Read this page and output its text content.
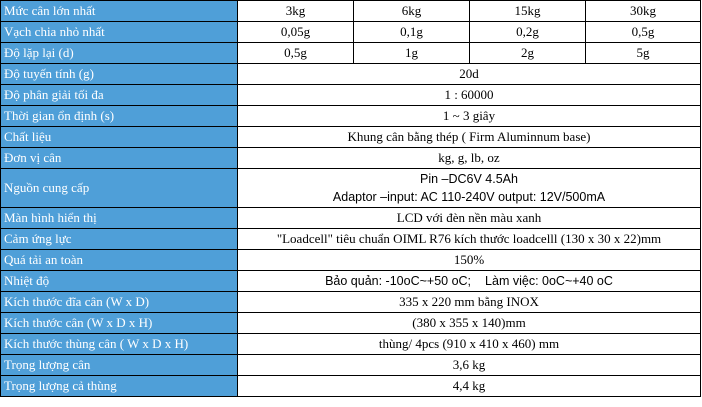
Mức cân lớn nhất	3kg	6kg	15kg	30kg
Vạch chia nhỏ nhất	0,05g	0,1g	0,2g	0,5g
Độ lặp lại (d)	0,5g	1g	2g	5g
Độ tuyến tính (g)	20d			
Độ phân giải tối đa	1 : 60000			
Thời gian ổn định (s)	1 ~ 3 giây			
Chất liệu	Khung cân bằng thép ( Firm Aluminnum base)			
Đơn vị cân	kg, g, lb, oz			
Nguồn cung cấp	Pin –DC6V 4.5Ah
Adaptor –input: AC 110-240V output: 12V/500mA			

Màn hình hiển thị	LCD với đèn nền màu xanh			
Cảm ứng lực	"Loadcell" tiêu chuẩn OIML R76 kích thước loadcelll (130 x 30 x 22)mm			
Quá tải an toàn	150%			
Nhiệt độ	Bảo quản: -10oC~+50 oC; Làm việc: 0oC~+40 oC			
Kích thước đĩa cân (W x D)	335 x 220 mm bằng INOX			
Kích thước cân (W x D x H)	(380 x 355 x 140)mm			
Kích thước thùng cân ( W x D x H)	thùng/ 4pcs (910 x 410 x 460) mm			
Trọng lượng cân	3,6 kg			
Trọng lượng cả thùng	4,4 kg			
